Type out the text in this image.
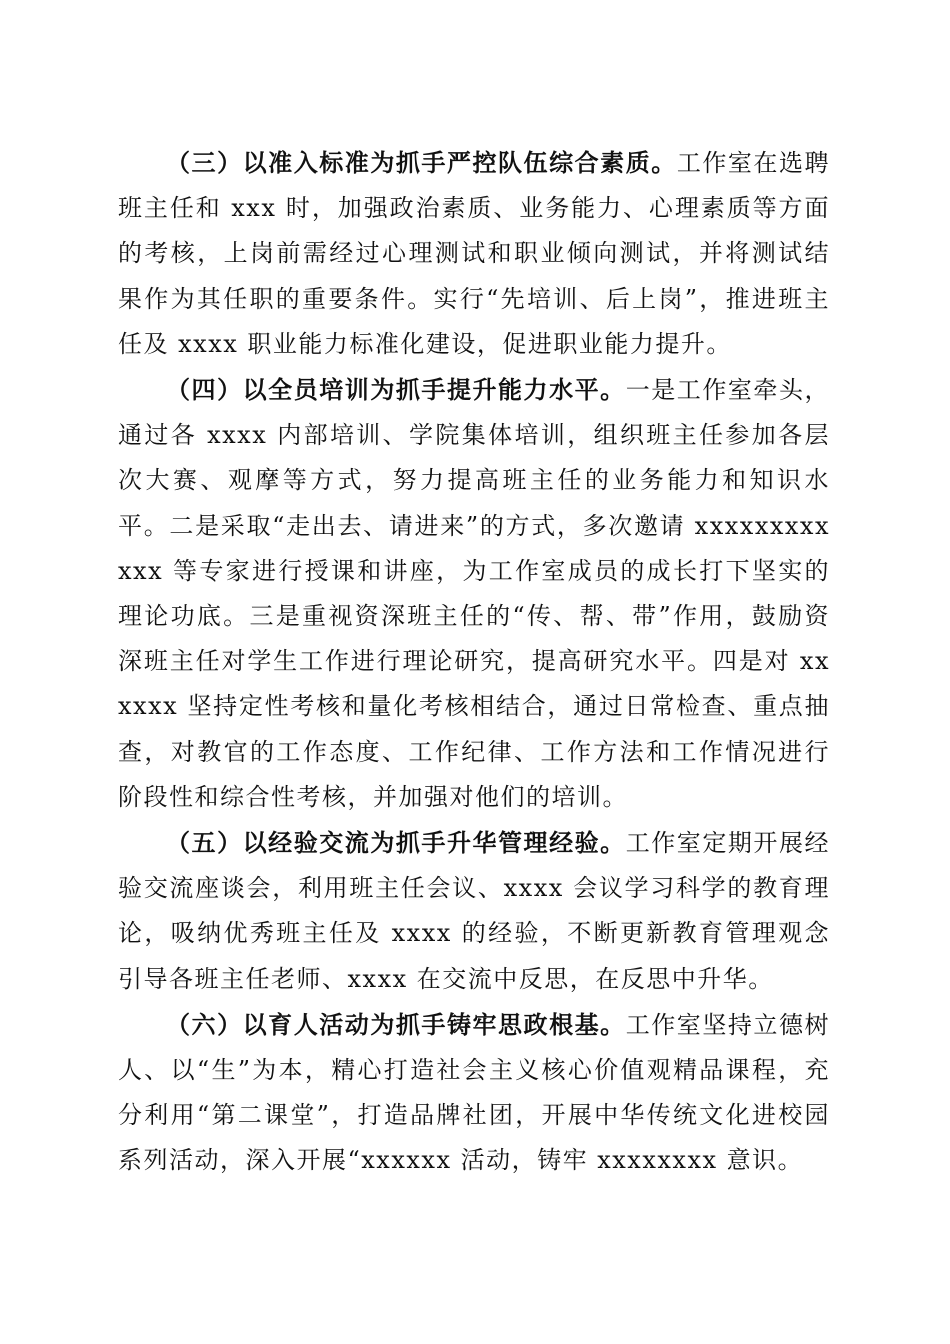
（三）以准入标准为抓手严控队伍综合素质。工作室在选聘班主任和 xxx 时，加强政治素质、业务能力、心理素质等方面的考核，上岗前需经过心理测试和职业倾向测试，并将测试结果作为其任职的重要条件。实行“先培训、后上岗”，推进班主任及 xxxx 职业能力标准化建设，促进职业能力提升。

（四）以全员培训为抓手提升能力水平。一是工作室牵头，通过各 xxxx 内部培训、学院集体培训，组织班主任参加各层次大赛、观摩等方式，努力提高班主任的业务能力和知识水平。二是采取“走出去、请进来”的方式，多次邀请 xxxxxxxxxxxx 等专家进行授课和讲座，为工作室成员的成长打下坚实的理论功底。三是重视资深班主任的“传、帮、带”作用，鼓励资深班主任对学生工作进行理论研究，提高研究水平。四是对 xxxxxx 坚持定性考核和量化考核相结合，通过日常检查、重点抽查，对教官的工作态度、工作纪律、工作方法和工作情况进行阶段性和综合性考核，并加强对他们的培训。

（五）以经验交流为抓手升华管理经验。工作室定期开展经验交流座谈会，利用班主任会议、xxxx 会议学习科学的教育理论，吸纳优秀班主任及 xxxx 的经验，不断更新教育管理观念引导各班主任老师、xxxx 在交流中反思，在反思中升华。

（六）以育人活动为抓手铸牢思政根基。工作室坚持立德树人、以“生”为本，精心打造社会主义核心价值观精品课程，充分利用“第二课堂”，打造品牌社团，开展中华传统文化进校园系列活动，深入开展“xxxxxx 活动，铸牢 xxxxxxxx 意识。
